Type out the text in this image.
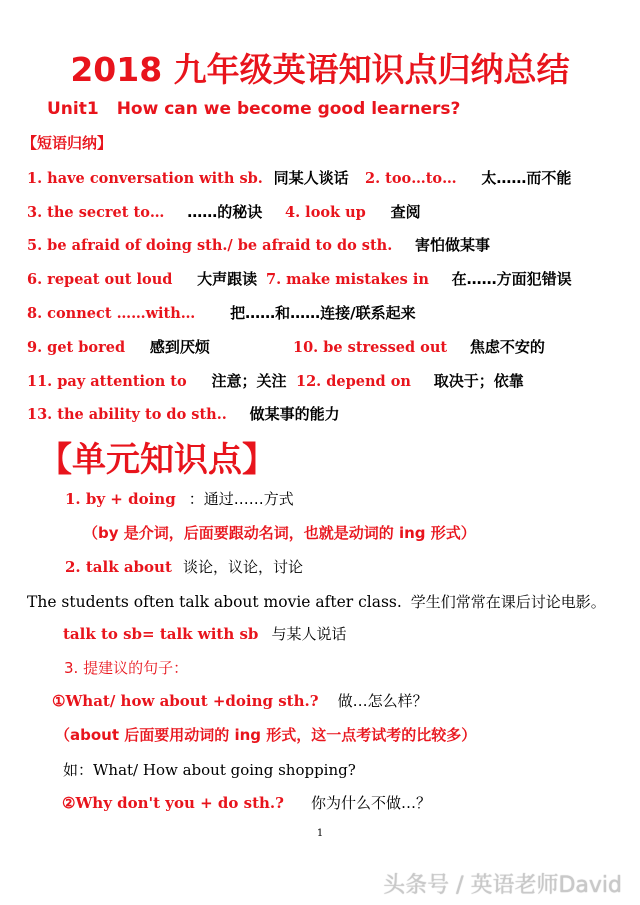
2018 九年级英语知识点归纳总结
Unit1 How can we become good learners?
【短语归纳】
1. have conversation with sb. 同某人谈话 2. too…to… 太……而不能
3. the secret to… ……的秘诀 4. look up 查阅
5. be afraid of doing sth./ be afraid to do sth. 害怕做某事
6. repeat out loud 大声跟读 7. make mistakes in 在……方面犯错误
8. connect ……with… 把……和……连接/联系起来
9. get bored 感到厌烦	10. be stressed out 焦虑不安的
11. pay attention to 注意；关注 12. depend on 取决于；依靠
13. the ability to do sth.. 做某事的能力
【单元知识点】
1. by + doing ：通过……方式
（by 是介词，后面要跟动名词，也就是动词的 ing 形式）
2. talk about 谈论，议论，讨论
The students often talk about movie after class. 学生们常常在课后讨论电影。
talk to sb= talk with sb 与某人说话
3. 提建议的句子：
①What/ how about +doing sth.? 做…怎么样？
（about 后面要用动词的 ing 形式，这一点考试考的比较多）
如：What/ How about going shopping?
②Why don't you + do sth.? 你为什么不做…？
1
头条号 / 英语老师David
